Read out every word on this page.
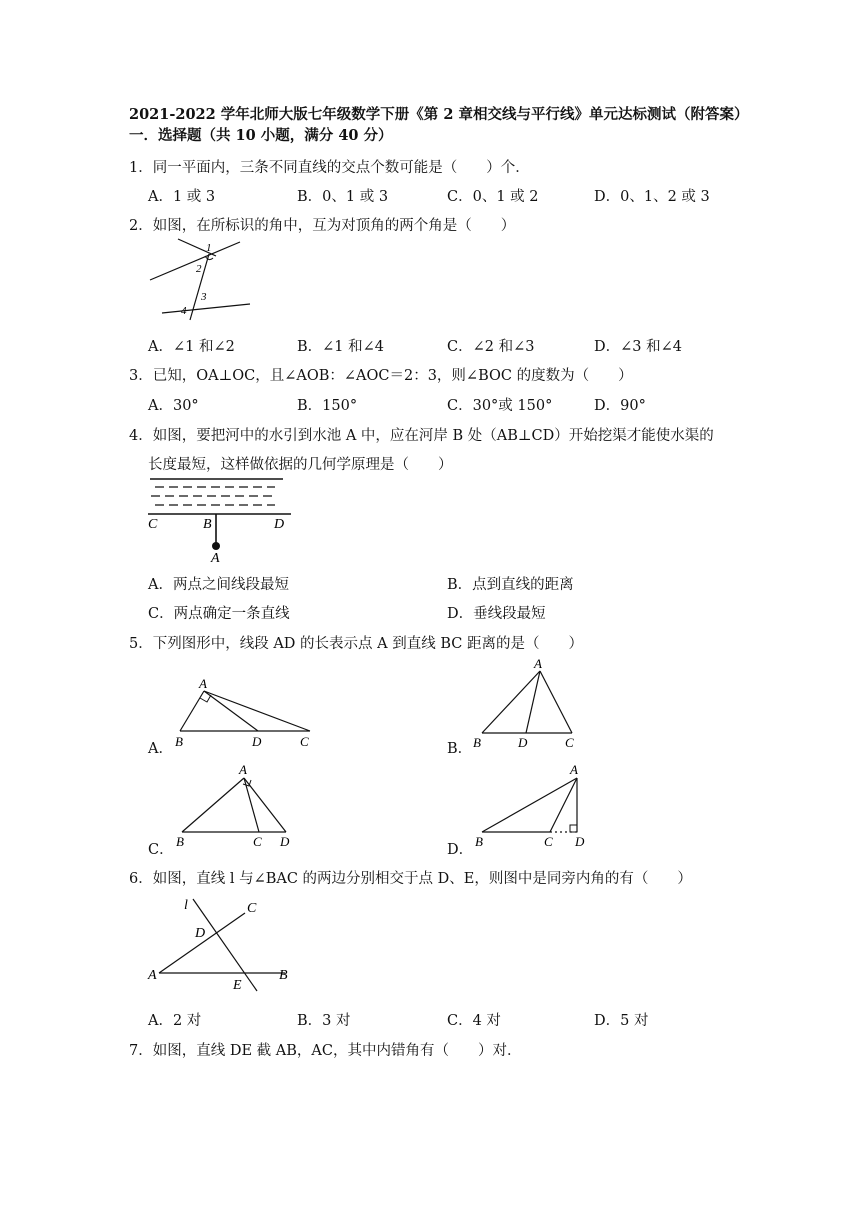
2021-2022 学年北师大版七年级数学下册《第 2 章相交线与平行线》单元达标测试（附答案）
一．选择题（共 10 小题，满分 40 分）
1．同一平面内，三条不同直线的交点个数可能是（　　）个．
A．1 或 3	B．0、1 或 3	C．0、1 或 2	D．0、1、2 或 3
2．如图，在所标识的角中，互为对顶角的两个角是（　　）
1
2
3
4
A．∠1 和∠2	B．∠1 和∠4	C．∠2 和∠3	D．∠3 和∠4
3．已知，OA⊥OC，且∠AOB：∠AOC＝2：3，则∠BOC 的度数为（　　）
A．30°	B．150°	C．30°或 150°	D．90°
4．如图，要把河中的水引到水池 A 中，应在河岸 B 处（AB⊥CD）开始挖渠才能使水渠的
长度最短，这样做依据的几何学原理是（　　）
C	B	D
A
A．两点之间线段最短	B．点到直线的距离
C．两点确定一条直线	D．垂线段最短
5．下列图形中，线段 AD 的长表示点 A 到直线 BC 距离的是（　　）
A．
A
B	D	C	B．
A
B	D	C
C．
A
B	C D
D．
A
B	C D
6．如图，直线 l 与∠BAC 的两边分别相交于点 D、E，则图中是同旁内角的有（　　）
l	C
D
A
E
B
A．2 对	B．3 对	C．4 对	D．5 对
7．如图，直线 DE 截 AB，AC，其中内错角有（　　）对．
